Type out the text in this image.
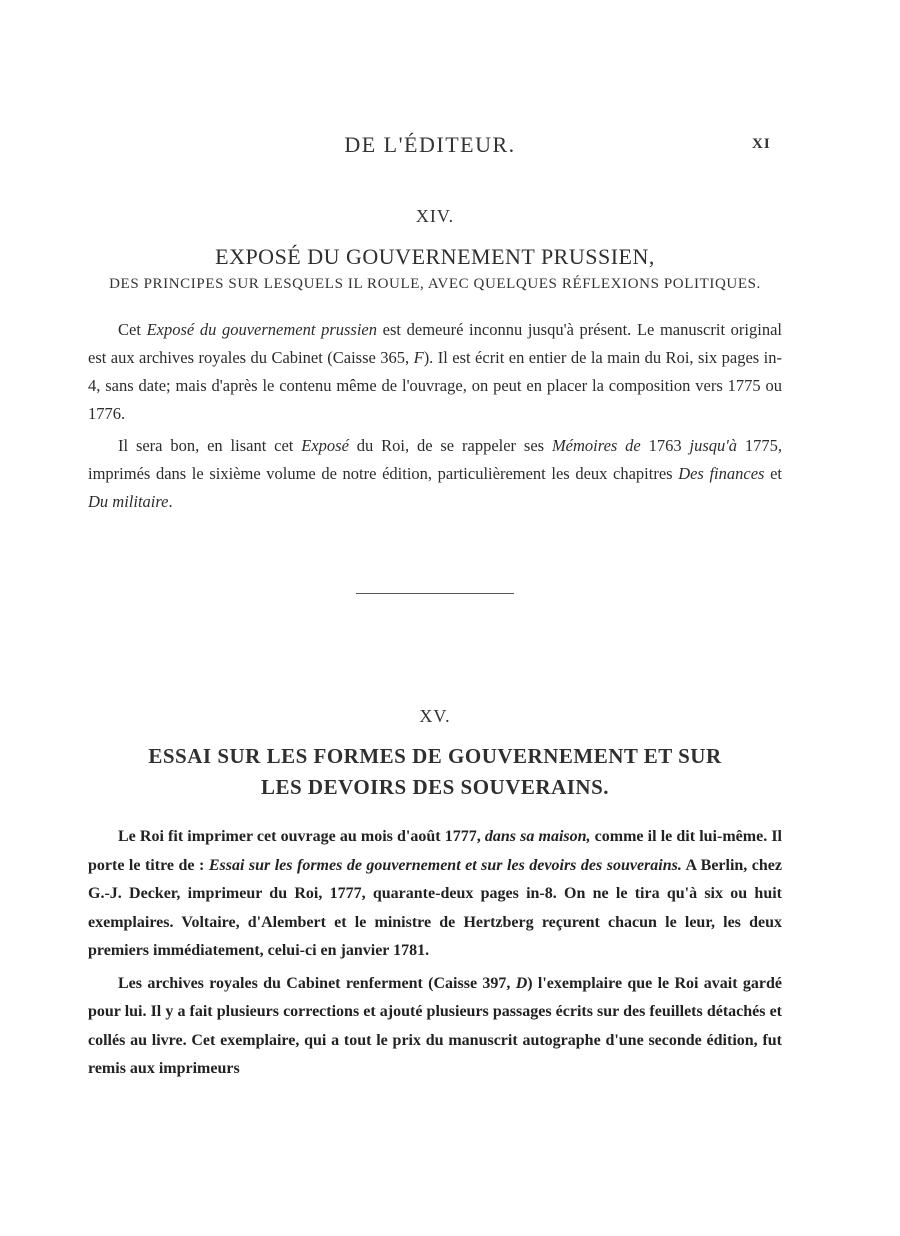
DE L'ÉDITEUR.	XI

XIV.

EXPOSÉ DU GOUVERNEMENT PRUSSIEN,

DES PRINCIPES SUR LESQUELS IL ROULE, AVEC QUELQUES RÉFLEXIONS POLITIQUES.

Cet Exposé du gouvernement prussien est demeuré inconnu jusqu'à présent. Le manuscrit original est aux archives royales du Cabinet (Caisse 365, F). Il est écrit en entier de la main du Roi, six pages in-4, sans date; mais d'après le contenu même de l'ouvrage, on peut en placer la composition vers 1775 ou 1776.

Il sera bon, en lisant cet Exposé du Roi, de se rappeler ses Mémoires de 1763 jusqu'à 1775, imprimés dans le sixième volume de notre édition, particulièrement les deux chapitres Des finances et Du militaire.

XV.

ESSAI SUR LES FORMES DE GOUVERNEMENT ET SUR

LES DEVOIRS DES SOUVERAINS.

Le Roi fit imprimer cet ouvrage au mois d'août 1777, dans sa maison, comme il le dit lui-même. Il porte le titre de : Essai sur les formes de gouvernement et sur les devoirs des souverains. A Berlin, chez G.-J. Decker, imprimeur du Roi, 1777, quarante-deux pages in-8. On ne le tira qu'à six ou huit exemplaires. Voltaire, d'Alembert et le ministre de Hertzberg reçurent chacun le leur, les deux premiers immédiatement, celui-ci en janvier 1781.

Les archives royales du Cabinet renferment (Caisse 397, D) l'exemplaire que le Roi avait gardé pour lui. Il y a fait plusieurs corrections et ajouté plusieurs passages écrits sur des feuillets détachés et collés au livre. Cet exemplaire, qui a tout le prix du manuscrit autographe d'une seconde édition, fut remis aux imprimeurs
